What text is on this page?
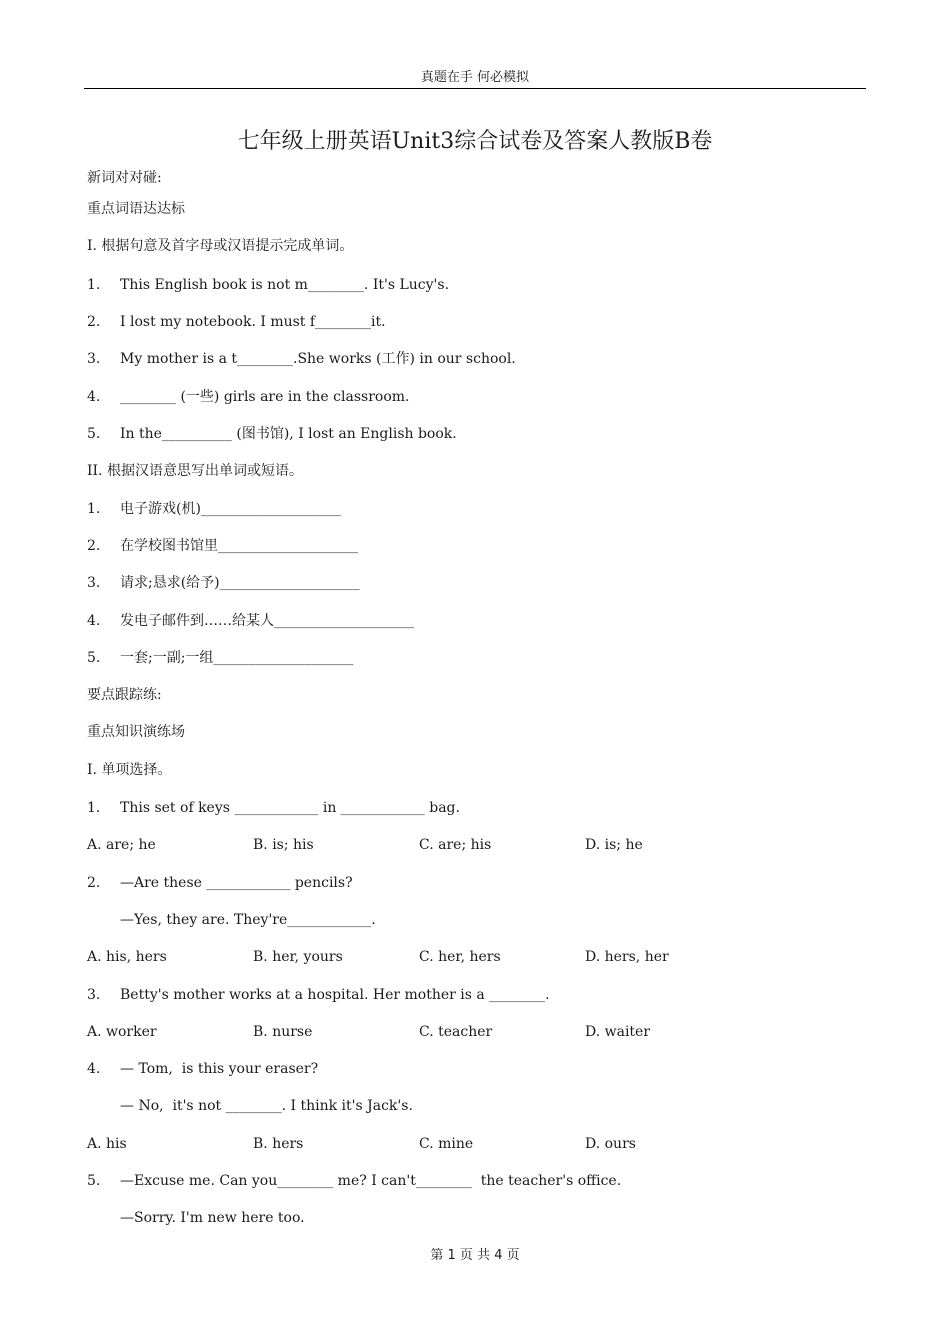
真题在手 何必模拟
七年级上册英语Unit3综合试卷及答案人教版B卷
新词对对碰:
重点词语达达标
I. 根据句意及首字母或汉语提示完成单词。
1. This English book is not m________. It's Lucy's.
2. I lost my notebook. I must f________it.
3. My mother is a t________.She works (工作) in our school.
4. ________ (一些) girls are in the classroom.
5. In the__________ (图书馆), I lost an English book.
II. 根据汉语意思写出单词或短语。
1. 电子游戏(机)____________________
2. 在学校图书馆里____________________
3. 请求;恳求(给予)____________________
4. 发电子邮件到……给某人____________________
5. 一套;一副;一组____________________
要点跟踪练:
重点知识演练场
I. 单项选择。
1. This set of keys ____________ in ____________ bag.
A. are; he	B. is; his	C. are; his	D. is; he
2. —Are these ____________ pencils?
—Yes, they are. They're____________.
A. his, hers	B. her, yours	C. her, hers	D. hers, her
3. Betty's mother works at a hospital. Her mother is a ________.
A. worker	B. nurse	C. teacher	D. waiter
4. — Tom,  is this your eraser?
— No,  it's not ________. I think it's Jack's.
A. his	B. hers	C. mine	D. ours
5. —Excuse me. Can you________ me? I can't________  the teacher's office.
—Sorry. I'm new here too.
第 1 页 共 4 页
